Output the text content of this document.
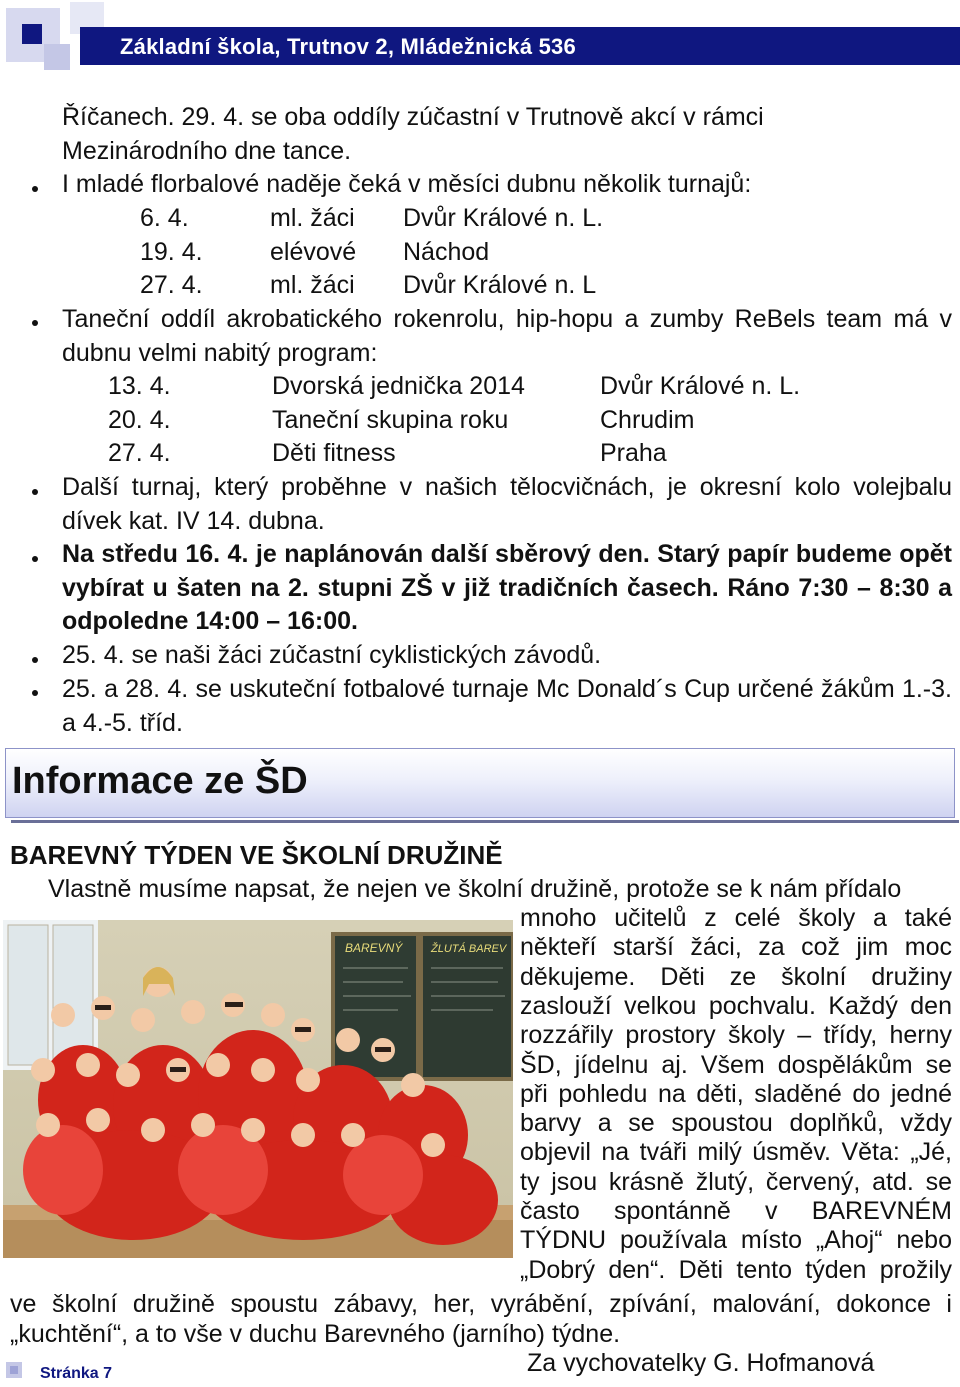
Základní škola, Trutnov 2, Mládežnická 536
Říčanech. 29. 4. se oba oddíly zúčastní v Trutnově akcí v rámci
Mezinárodního dne tance.
I mladé florbalové naděje čeká v měsíci dubnu několik turnajů:
6. 4.	ml. žáci Dvůr Králové n. L.
19. 4.	elévové Náchod
27. 4.	ml. žáci Dvůr Králové n. L
Taneční oddíl akrobatického rokenrolu, hip-hopu a zumby ReBels team má v dubnu velmi nabitý program:
13. 4.	Dvorská jednička 2014	Dvůr Králové n. L.
20. 4.	Taneční skupina roku	Chrudim
27. 4.	Děti fitness	Praha
Další turnaj, který proběhne v našich tělocvičnách, je okresní kolo volejbalu dívek kat. IV 14. dubna.
Na středu 16. 4. je naplánován další sběrový den. Starý papír budeme opět vybírat u šaten na 2. stupni ZŠ v již tradičních časech. Ráno 7:30 – 8:30 a odpoledne 14:00 – 16:00.
25. 4. se naši žáci zúčastní cyklistických závodů.
25. a 28. 4. se uskuteční fotbalové turnaje Mc Donald´s Cup určené žákům 1.-3. a 4.-5. tříd.
Informace ze ŠD
BAREVNÝ TÝDEN VE ŠKOLNÍ DRUŽINĚ
Vlastně musíme napsat, že nejen ve školní družině, protože se k nám přídalo
mnoho učitelů z celé školy a také
někteří starší žáci, za což jim moc
děkujeme. Děti ze školní družiny
zaslouží velkou pochvalu. Každý den
rozzářily prostory školy – třídy, herny
ŠD, jídelnu aj. Všem dospělákům se
při pohledu na děti, sladěné do jedné
barvy a se spoustou doplňků, vždy
objevil na tváři milý úsměv. Věta: „Jé,
ty jsou krásně žlutý, červený, atd. se
často spontánně v BAREVNÉM
TÝDNU používala místo „Ahoj“ nebo
„Dobrý den“. Děti tento týden prožily
BAREVNÝ	ŽLUTÁ BAREV
ve školní družině spoustu zábavy, her, vyrábění, zpívání, malování, dokonce i
„kuchtění“, a to vše v duchu Barevného (jarního) týdne.
Za vychovatelky G. Hofmanová
Stránka 7
